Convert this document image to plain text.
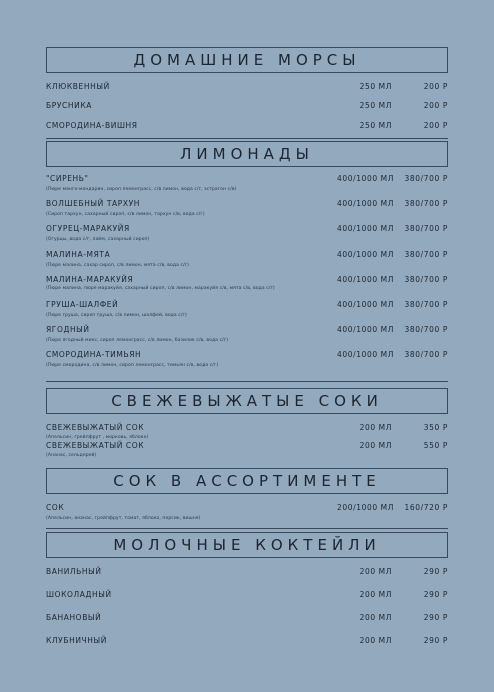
ДОМАШНИЕ МОРСЫ
КЛЮКВЕННЫЙ	250 МЛ	200 Р
БРУСНИКА	250 МЛ	200 Р
СМОРОДИНА-ВИШНЯ	250 МЛ	200 Р
ЛИМОНАДЫ
"СИРЕНЬ"	400/1000 МЛ 380/700 Р
(Пюре манго-мандарин, сироп лемонграсс, с/в лимон, вода с/г, эстрагон с/в)
ВОЛШЕБНЫЙ ТАРХУН	400/1000 МЛ 380/700 Р
(Сироп тархун, сахарный сироп, с/в лимон, тархун с/в, вода с/г)
ОГУРЕЦ-МАРАКУЙЯ	400/1000 МЛ 380/700 Р
(Огурцы, вода с/г, лайм, сахарный сироп)
МАЛИНА-МЯТА	400/1000 МЛ 380/700 Р
(Пюре малина, сахар сироп, с/в лимон, мята с/в, вода с/г)
МАЛИНА-МАРАКУЙЯ	400/1000 МЛ 380/700 Р
(Пюре малина, пюре маракуйя, сахарный сироп, с/в лимон, маракуйя с/в, мята с/в, вода с/г)
ГРУША-ШАЛФЕЙ	400/1000 МЛ 380/700 Р
(Пюре груша, сироп груша, с/в лимон, шалфей, вода с/г)
ЯГОДНЫЙ	400/1000 МЛ 380/700 Р
(Пюре ягодный микс, сироп лемонграсс, с/в лимон, базилик с/в, вода с/г)
СМОРОДИНА-ТИМЬЯН	400/1000 МЛ 380/700 Р
(Пюре смородина, с/в лимон, сироп лемонграсс, тимьян с/в, вода с/г)
СВЕЖЕВЫЖАТЫЕ СОКИ
СВЕЖЕВЫЖАТЫЙ СОК	200 МЛ	350 Р
(Апельсин, грейпфрут , морковь, яблоко)
СВЕЖЕВЫЖАТЫЙ СОК	200 МЛ	550 Р
(Ананас, сельдерей)
СОК В АССОРТИМЕНТЕ
СОК	200/1000 МЛ 160/720 Р
(Апельсин, ананас, грейпфрут, томат, яблоко, персик, вишня)
МОЛОЧНЫЕ КОКТЕЙЛИ
ВАНИЛЬНЫЙ	200 МЛ	290 Р
ШОКОЛАДНЫЙ	200 МЛ	290 Р
БАНАНОВЫЙ	200 МЛ	290 Р
КЛУБНИЧНЫЙ	200 МЛ	290 Р
